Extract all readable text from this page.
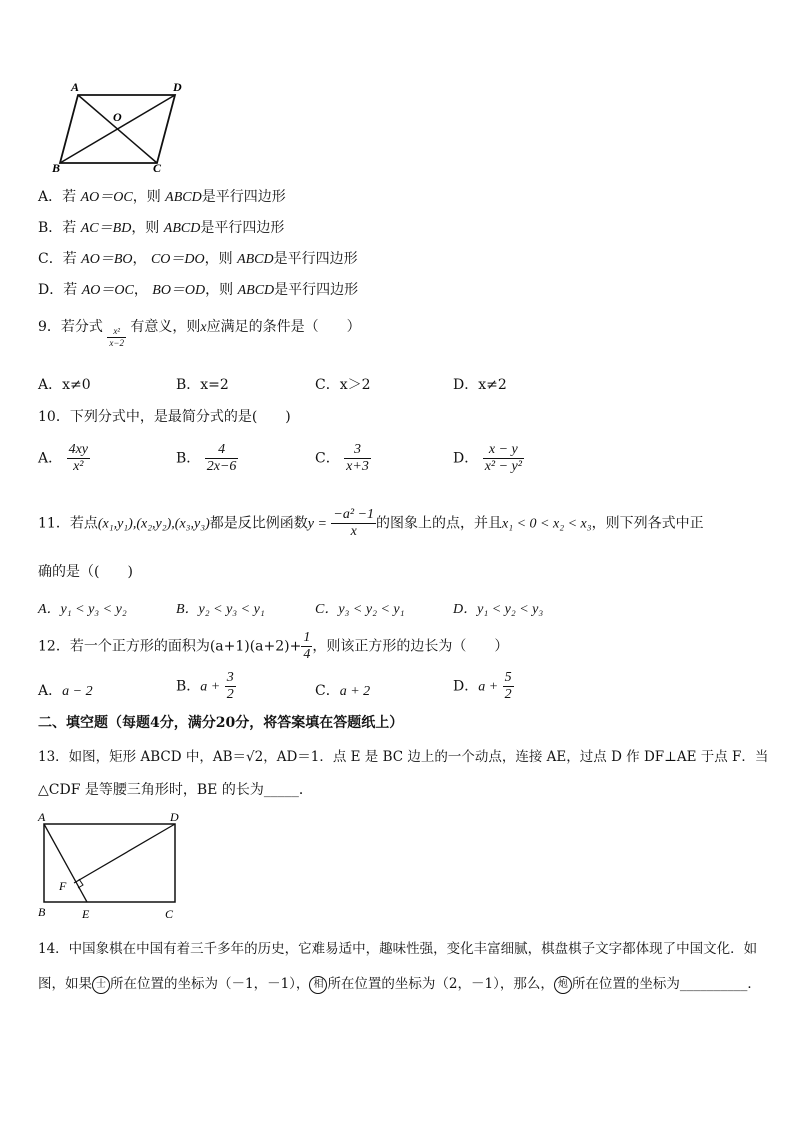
A	D
O
B	C
A．若 AO＝OC，则 ABCD是平行四边形
B．若 AC＝BD，则 ABCD是平行四边形
C．若 AO＝BO， CO＝DO，则 ABCD是平行四边形
D．若 AO＝OC， BO＝OD，则 ABCD是平行四边形
9．若分式 $\frac{\text{x²}}{x-2}$ 有意义，则x应满足的条件是（　　）
A．x≠0	B．x=2	C．x＞2	D．x≠2
10．下列分式中，是最简分式的是(　　)
A． $\frac{4xy}{\text{x²}}$	B． $\frac{4}{2x-6}$	C． $\frac{3}{x+3}$	D． $\frac{x - y}{\text{x² − y²}}$
11．若点(x₁,y₁),(x₂,y₂),(x₃,y₃)都是反比例函数$y = \frac{\text{−a² −1}}{x}$ 的图象上的点，并且x₁ < 0 < x₂ < x₃，则下列各式中正
确的是（(　　)
A．y₁ < y₃ < y₂	B．y₂ < y₃ < y₁	C．y₃ < y₂ < y₁	D．y₁ < y₂ < y₃
12．若一个正方形的面积为$(a+1)(a+2)+ \frac{1}{4}$ ，则该正方形的边长为（　　）
A．a − 2	B．$a + \frac{3}{2}$	C．a + 2	D．$a + \frac{5}{2}$
二、填空题（每题4分，满分20分，将答案填在答题纸上）
13．如图，矩形 ABCD 中，AB＝√2，AD＝1．点 E 是 BC 边上的一个动点，连接 AE，过点 D 作 DF⊥AE 于点 F．当
△CDF 是等腰三角形时，BE 的长为_____．
A	D
F
B	E	C
14．中国象棋在中国有着三千多年的历史，它难易适中，趣味性强，变化丰富细腻，棋盘棋子文字都体现了中国文化．如
图，如果 士 所在位置的坐标为（－1，－1）， 相 所在位置的坐标为（2，－1），那么， 炮 所在位置的坐标为__________．
